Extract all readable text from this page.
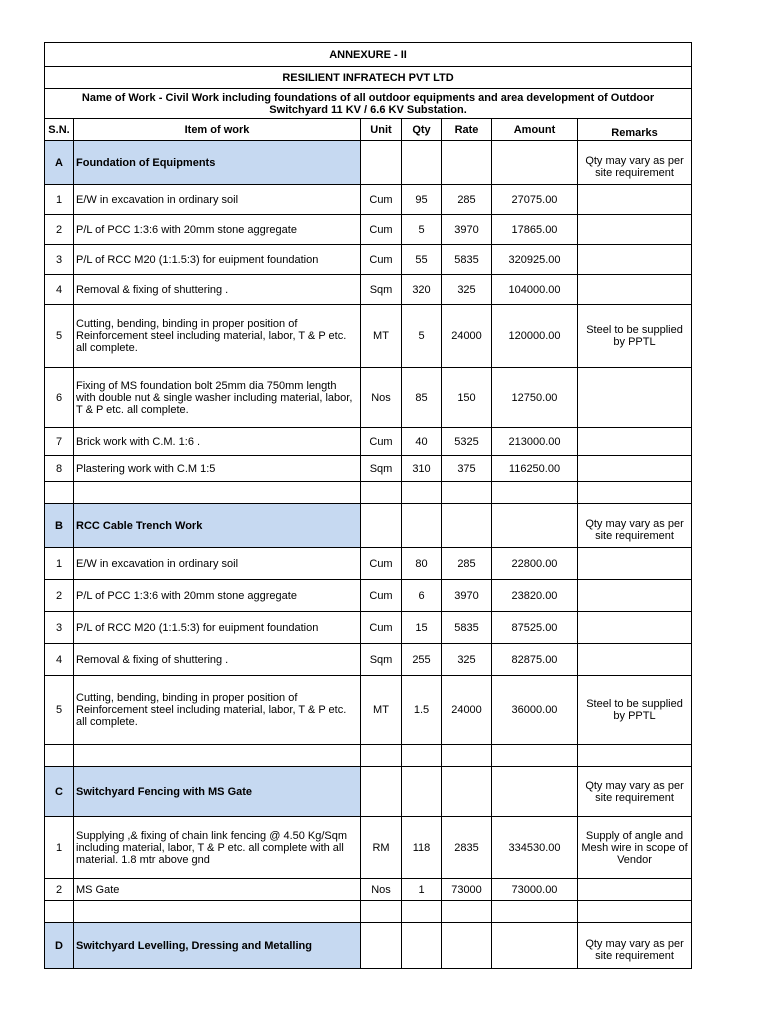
ANNEXURE - II						
RESILIENT INFRATECH PVT LTD						
Name of Work - Civil Work including foundations of all outdoor equipments and area development of Outdoor Switchyard 11 KV / 6.6 KV Substation.						
S.N.	Item of work	Unit	Qty	Rate	Amount	Remarks
A	Foundation of Equipments					Qty may vary as per site requirement
1	E/W in excavation in ordinary soil	Cum	95	285	27075.00	
2	P/L of PCC 1:3:6 with 20mm stone aggregate	Cum	5	3970	17865.00	
3	P/L of RCC M20 (1:1.5:3) for euipment foundation	Cum	55	5835	320925.00	
4	Removal & fixing of shuttering .	Sqm	320	325	104000.00	
5	Cutting, bending, binding in proper position of Reinforcement steel including material, labor, T & P etc. all complete.	MT	5	24000	120000.00	Steel to be supplied by PPTL
6	Fixing of MS foundation bolt 25mm dia 750mm length with double nut & single washer including material, labor, T & P etc. all complete.	Nos	85	150	12750.00	
7	Brick work with C.M. 1:6 .	Cum	40	5325	213000.00	
8	Plastering work with C.M 1:5	Sqm	310	375	116250.00	

B	RCC Cable Trench Work					Qty may vary as per site requirement
1	E/W in excavation in ordinary soil	Cum	80	285	22800.00	
2	P/L of PCC 1:3:6 with 20mm stone aggregate	Cum	6	3970	23820.00	
3	P/L of RCC M20 (1:1.5:3) for euipment foundation	Cum	15	5835	87525.00	
4	Removal & fixing of shuttering .	Sqm	255	325	82875.00	
5	Cutting, bending, binding in proper position of Reinforcement steel including material, labor, T & P etc. all complete.	MT	1.5	24000	36000.00	Steel to be supplied by PPTL

C	Switchyard Fencing with MS Gate					Qty may vary as per site requirement
1	Supplying ,& fixing of chain link fencing @ 4.50 Kg/Sqm including material, labor, T & P etc. all complete with all material. 1.8 mtr above gnd	RM	118	2835	334530.00	Supply of angle and Mesh wire in scope of Vendor
2	MS Gate	Nos	1	73000	73000.00	

D	Switchyard Levelling, Dressing and Metalling					Qty may vary as per site requirement
